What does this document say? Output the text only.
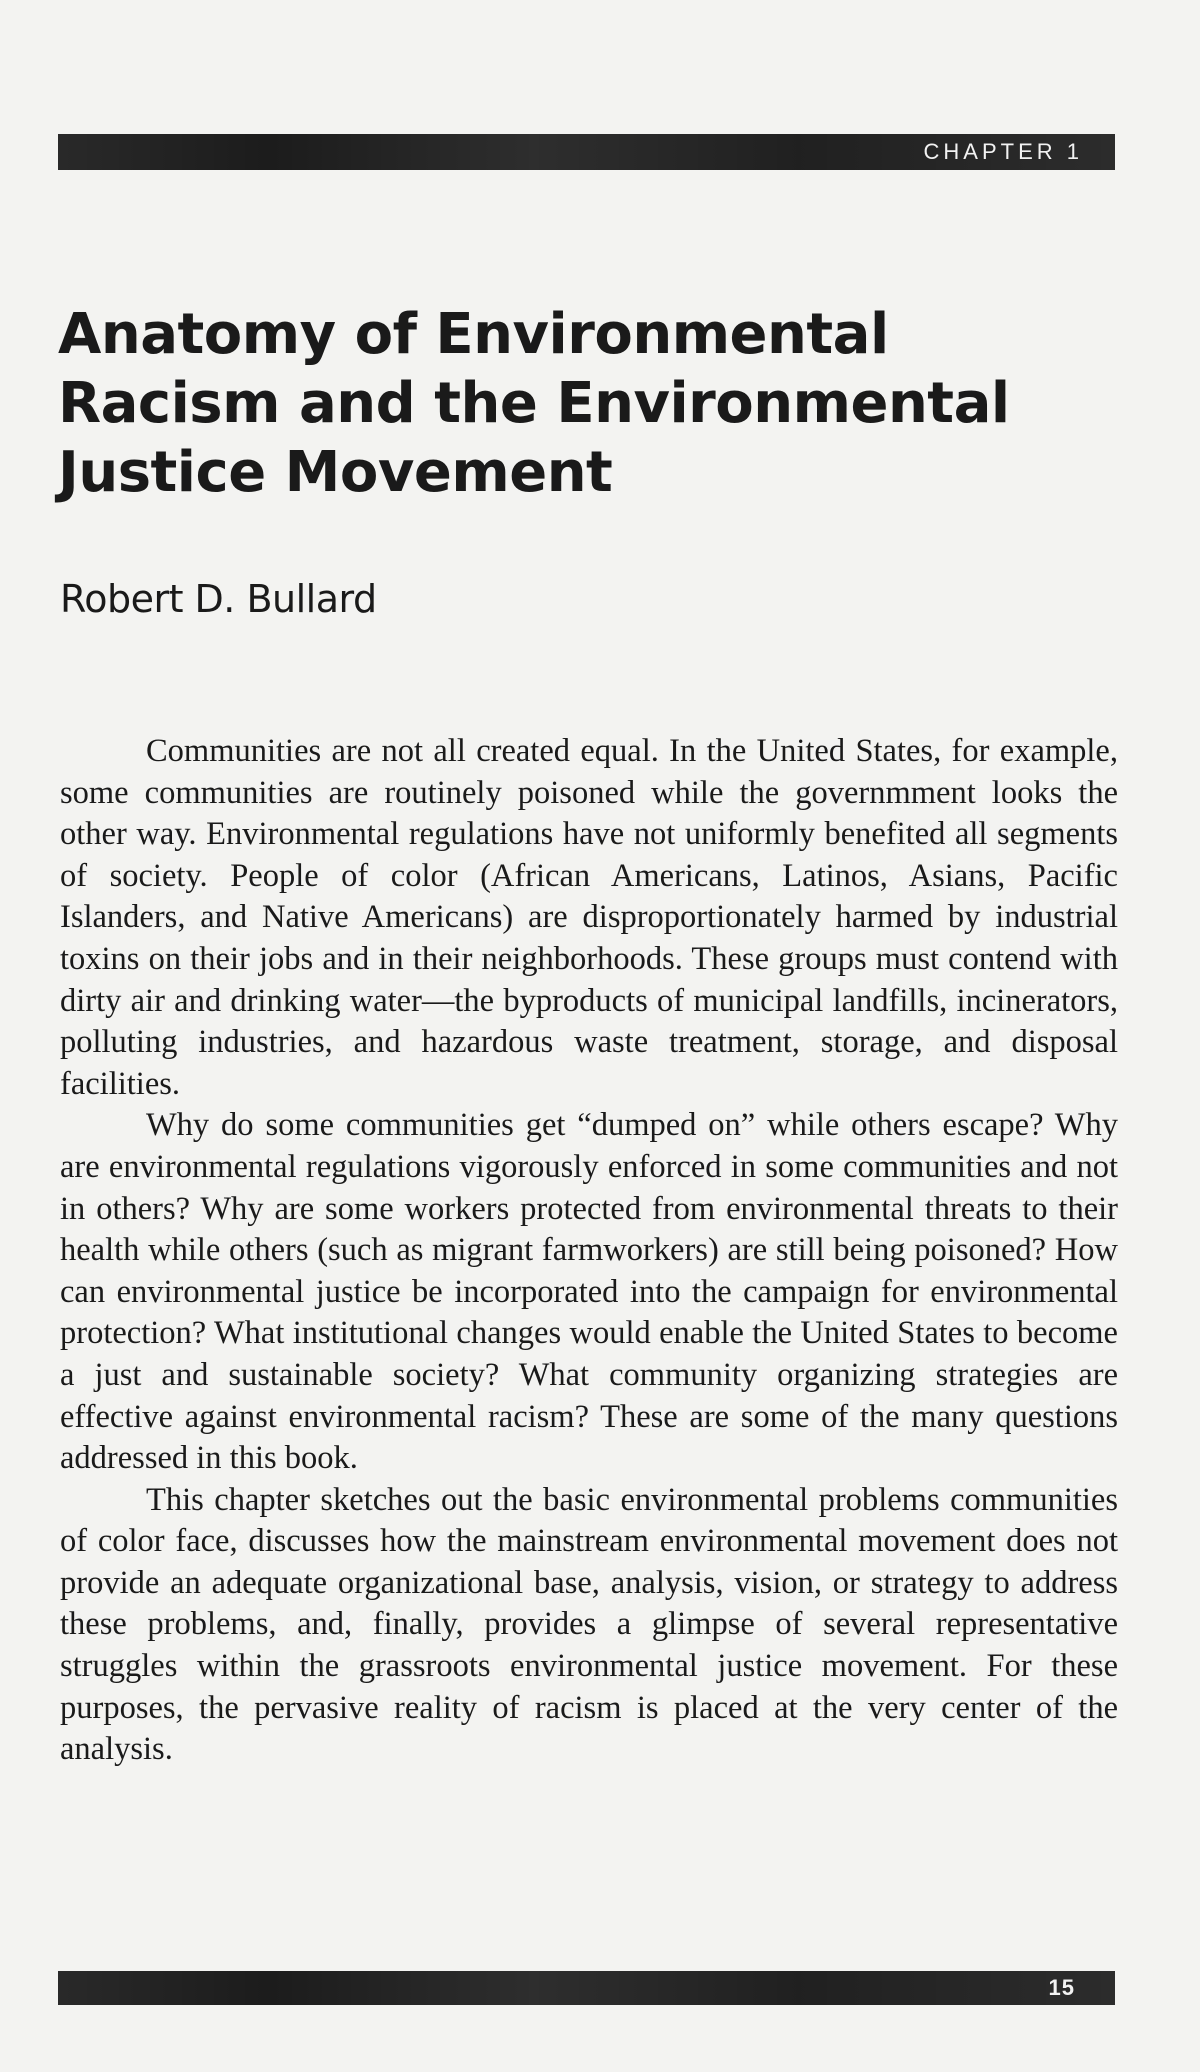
CHAPTER 1
Anatomy of Environmental
Racism and the Environmental
Justice Movement

Robert D. Bullard

Communities are not all created equal. In the United States, for example, some communities are routinely poisoned while the governmment looks the other way. Environmental regulations have not uniformly benefited all segments of society. People of color (African Americans, Latinos, Asians, Pacific Islanders, and Native Americans) are disproportionately harmed by industrial toxins on their jobs and in their neighborhoods. These groups must contend with dirty air and drinking water—the byproducts of municipal landfills, incinerators, polluting industries, and hazardous waste treatment, storage, and disposal facilities.

Why do some communities get “dumped on” while others escape? Why are environmental regulations vigorously enforced in some communities and not in others? Why are some workers protected from environmental threats to their health while others (such as migrant farmworkers) are still being poisoned? How can environmental justice be incorporated into the campaign for environmental protection? What institutional changes would enable the United States to become a just and sustainable society? What community organizing strategies are effective against environmental racism? These are some of the many questions addressed in this book.

This chapter sketches out the basic environmental problems communities of color face, discusses how the mainstream environmental movement does not provide an adequate organizational base, analysis, vision, or strategy to address these problems, and, finally, provides a glimpse of several representative struggles within the grassroots environmental justice movement. For these purposes, the pervasive reality of racism is placed at the very center of the analysis.

15
